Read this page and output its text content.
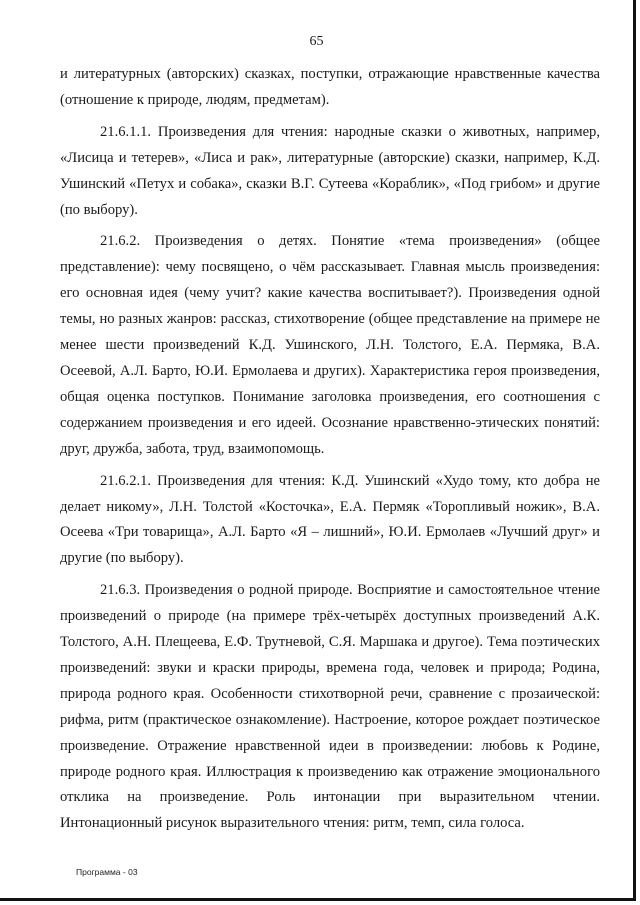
65

и литературных (авторских) сказках, поступки, отражающие нравственные качества (отношение к природе, людям, предметам).

21.6.1.1. Произведения для чтения: народные сказки о животных, например, «Лисица и тетерев», «Лиса и рак», литературные (авторские) сказки, например, К.Д. Ушинский «Петух и собака», сказки В.Г. Сутеева «Кораблик», «Под грибом» и другие (по выбору).

21.6.2. Произведения о детях. Понятие «тема произведения» (общее представление): чему посвящено, о чём рассказывает. Главная мысль произведения: его основная идея (чему учит? какие качества воспитывает?). Произведения одной темы, но разных жанров: рассказ, стихотворение (общее представление на примере не менее шести произведений К.Д. Ушинского, Л.Н. Толстого, Е.А. Пермяка, В.А. Осеевой, А.Л. Барто, Ю.И. Ермолаева и других). Характеристика героя произведения, общая оценка поступков. Понимание заголовка произведения, его соотношения с содержанием произведения и его идеей. Осознание нравственно-этических понятий: друг, дружба, забота, труд, взаимопомощь.

21.6.2.1. Произведения для чтения: К.Д. Ушинский «Худо тому, кто добра не делает никому», Л.Н. Толстой «Косточка», Е.А. Пермяк «Торопливый ножик», В.А. Осеева «Три товарища», А.Л. Барто «Я – лишний», Ю.И. Ермолаев «Лучший друг» и другие (по выбору).

21.6.3. Произведения о родной природе. Восприятие и самостоятельное чтение произведений о природе (на примере трёх-четырёх доступных произведений А.К. Толстого, А.Н. Плещеева, Е.Ф. Трутневой, С.Я. Маршака и другое). Тема поэтических произведений: звуки и краски природы, времена года, человек и природа; Родина, природа родного края. Особенности стихотворной речи, сравнение с прозаической: рифма, ритм (практическое ознакомление). Настроение, которое рождает поэтическое произведение. Отражение нравственной идеи в произведении: любовь к Родине, природе родного края. Иллюстрация к произведению как отражение эмоционального отклика на произведение. Роль интонации при выразительном чтении. Интонационный рисунок выразительного чтения: ритм, темп, сила голоса.

Программа - 03
